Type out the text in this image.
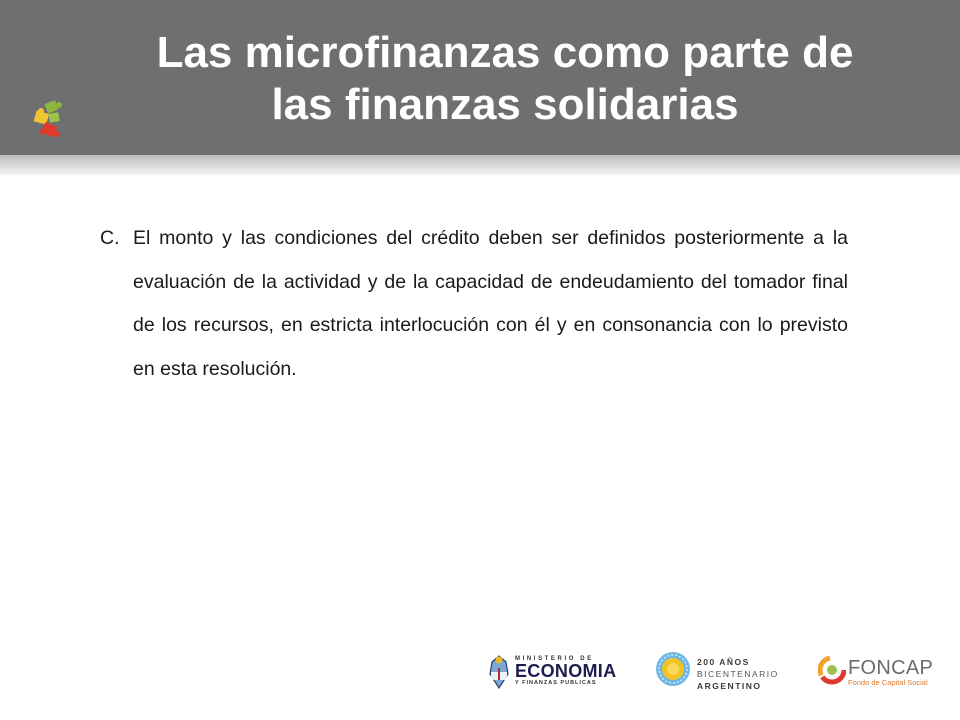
Las microfinanzas como parte de
las finanzas solidarias
C. El monto y las condiciones del crédito deben ser definidos posteriormente a la evaluación de la actividad y de la capacidad de endeudamiento del tomador final de los recursos, en estricta interlocución con él y en consonancia con lo previsto en esta resolución.
MINISTERIO DE
ECONOMIA
Y FINANZAS PUBLICAS
200 AÑOS
BICENTENARIO
ARGENTINO
FONCAP
Fondo de Capital Social
